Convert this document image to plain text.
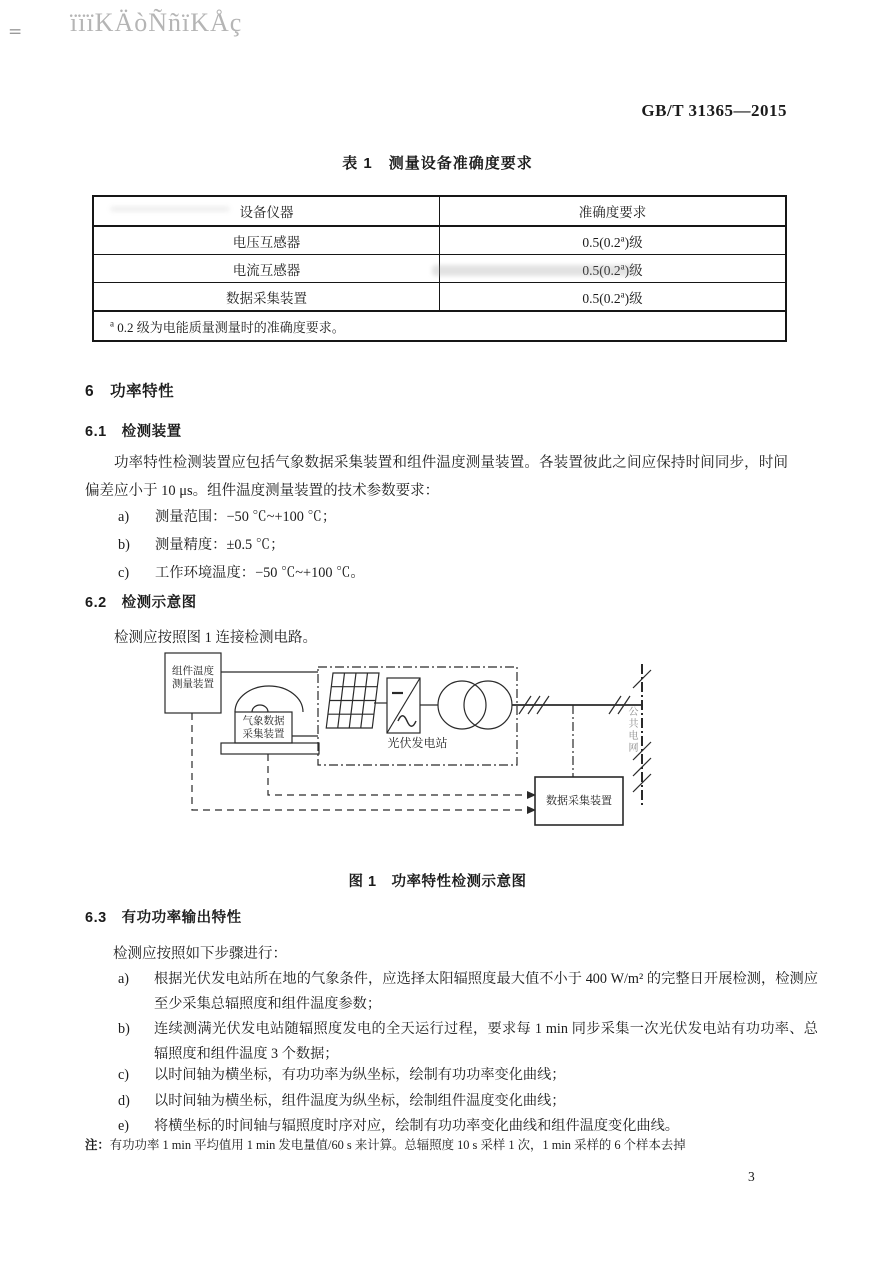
= ïïïKÄòÑñïKÅç
GB/T 31365—2015
表 1　测量设备准确度要求
设备仪器	准确度要求
电压互感器	0.5(0.2$^a$)级
电流互感器	0.5(0.2$^a$)级
数据采集装置	0.5(0.2$^a$)级
$^a$ 0.2 级为电能质量测量时的准确度要求。	
6　功率特性
6.1　检测装置
功率特性检测装置应包括气象数据采集装置和组件温度测量装置。各装置彼此之间应保持时间同步，时间偏差应小于 10 μs。组件温度测量装置的技术参数要求：
a)	测量范围：−50 ℃~+100 ℃；
b)	测量精度：±0.5 ℃；
c)	工作环境温度：−50 ℃~+100 ℃。
6.2　检测示意图
检测应按照图 1 连接检测电路。
组件温度
测量装置
气象数据
采集装置
光伏发电站
数据采集装置
公共电网
图 1　功率特性检测示意图
6.3　有功功率输出特性
检测应按照如下步骤进行：
a)	根据光伏发电站所在地的气象条件，应选择太阳辐照度最大值不小于 400 W/m² 的完整日开展检测，检测应至少采集总辐照度和组件温度参数；
b)	连续测满光伏发电站随辐照度发电的全天运行过程，要求每 1 min 同步采集一次光伏发电站有功功率、总辐照度和组件温度 3 个数据；
c)	以时间轴为横坐标，有功功率为纵坐标，绘制有功功率变化曲线；
d)	以时间轴为横坐标，组件温度为纵坐标，绘制组件温度变化曲线；
e)	将横坐标的时间轴与辐照度时序对应，绘制有功功率变化曲线和组件温度变化曲线。
注：有功功率 1 min 平均值用 1 min 发电量值/60 s 来计算。总辐照度 10 s 采样 1 次，1 min 采样的 6 个样本去掉
3
